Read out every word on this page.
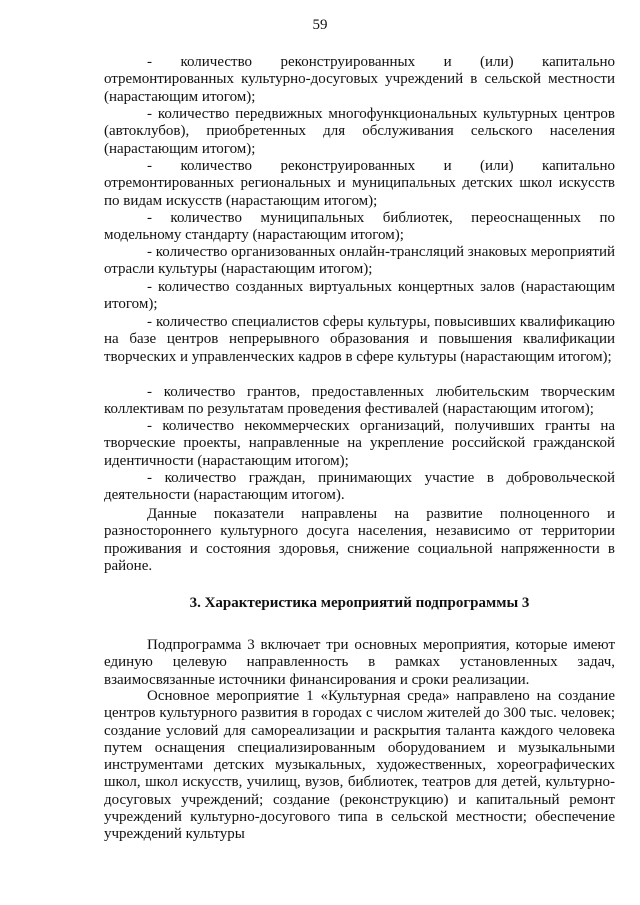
59

- количество реконструированных и (или) капитально отремонтированных культурно-досуговых учреждений в сельской местности (нарастающим итогом);

- количество передвижных многофункциональных культурных центров (автоклубов), приобретенных для обслуживания сельского населения (нарастающим итогом);

- количество реконструированных и (или) капитально отремонтированных региональных и муниципальных детских школ искусств по видам искусств (нарастающим итогом);

- количество муниципальных библиотек, переоснащенных по модельному стандарту (нарастающим итогом);

- количество организованных онлайн-трансляций знаковых мероприятий отрасли культуры (нарастающим итогом);

- количество созданных виртуальных концертных залов (нарастающим итогом);

- количество специалистов сферы культуры, повысивших квалификацию на базе центров непрерывного образования и повышения квалификации творческих и управленческих кадров в сфере культуры (нарастающим итогом);

- количество грантов, предоставленных любительским творческим коллективам по результатам проведения фестивалей (нарастающим итогом);

- количество некоммерческих организаций, получивших гранты на творческие проекты, направленные на укрепление российской гражданской идентичности (нарастающим итогом);

- количество граждан, принимающих участие в добровольческой деятельности (нарастающим итогом).

Данные показатели направлены на развитие полноценного и разностороннего культурного досуга населения, независимо от территории проживания и состояния здоровья, снижение социальной напряженности в районе.

3. Характеристика мероприятий подпрограммы 3

Подпрограмма 3 включает три основных мероприятия, которые имеют единую целевую направленность в рамках установленных задач, взаимосвязанные источники финансирования и сроки реализации.

Основное мероприятие 1 «Культурная среда» направлено на создание центров культурного развития в городах с числом жителей до 300 тыс. человек; создание условий для самореализации и раскрытия таланта каждого человека путем оснащения специализированным оборудованием и музыкальными инструментами детских музыкальных, художественных, хореографических школ, школ искусств, училищ, вузов, библиотек, театров для детей, культурно-досуговых учреждений; создание (реконструкцию) и капитальный ремонт учреждений культурно-досугового типа в сельской местности; обеспечение учреждений культуры
